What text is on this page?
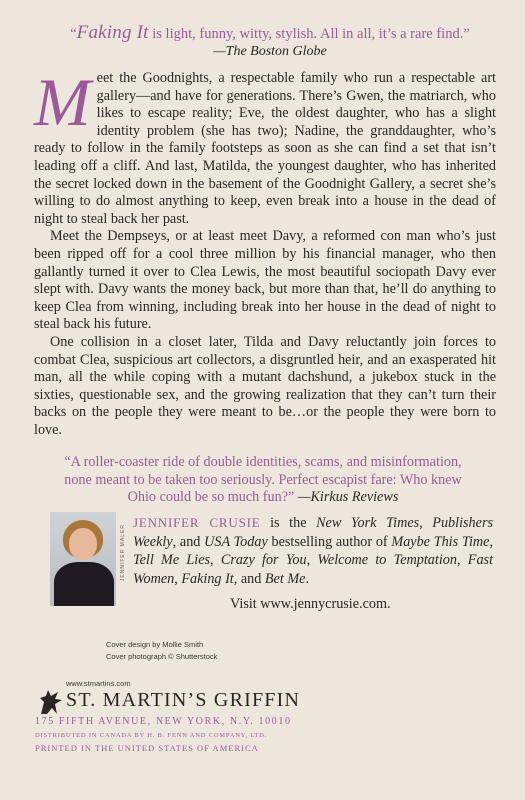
“Faking It is light, funny, witty, stylish. All in all, it’s a rare find.”
—The Boston Globe

Meet the Goodnights, a respectable family who run a respectable art gallery—and have for generations. There’s Gwen, the matriarch, who likes to escape reality; Eve, the oldest daughter, who has a slight identity problem (she has two); Nadine, the granddaughter, who’s ready to follow in the family footsteps as soon as she can find a set that isn’t leading off a cliff. And last, Matilda, the youngest daughter, who has inherited the secret locked down in the basement of the Goodnight Gallery, a secret she’s willing to do almost anything to keep, even break into a house in the dead of night to steal back her past.

Meet the Dempseys, or at least meet Davy, a reformed con man who’s just been ripped off for a cool three million by his financial manager, who then gallantly turned it over to Clea Lewis, the most beautiful sociopath Davy ever slept with. Davy wants the money back, but more than that, he’ll do anything to keep Clea from winning, including break into her house in the dead of night to steal back his future.

One collision in a closet later, Tilda and Davy reluctantly join forces to combat Clea, suspicious art collectors, a disgruntled heir, and an exasperated hit man, all the while coping with a mutant dachshund, a jukebox stuck in the sixties, questionable sex, and the growing realization that they can’t turn their backs on the people they were meant to be…or the people they were born to love.

“A roller-coaster ride of double identities, scams, and misinformation, none meant to be taken too seriously. Perfect escapist fare: Who knew Ohio could be so much fun?” —Kirkus Reviews
JENNIFER MALER
JENNIFER CRUSIE is the New York Times, Publishers Weekly, and USA Today bestselling author of Maybe This Time, Tell Me Lies, Crazy for You, Welcome to Temptation, Fast Women, Faking It, and Bet Me.
Visit www.jennycrusie.com.
Cover design by Mollie Smith
Cover photograph © Shutterstock
www.stmartins.com
ST. MARTIN’S GRIFFIN
175 FIFTH AVENUE, NEW YORK, N.Y. 10010
DISTRIBUTED IN CANADA BY H. B. FENN AND COMPANY, LTD.
PRINTED IN THE UNITED STATES OF AMERICA
